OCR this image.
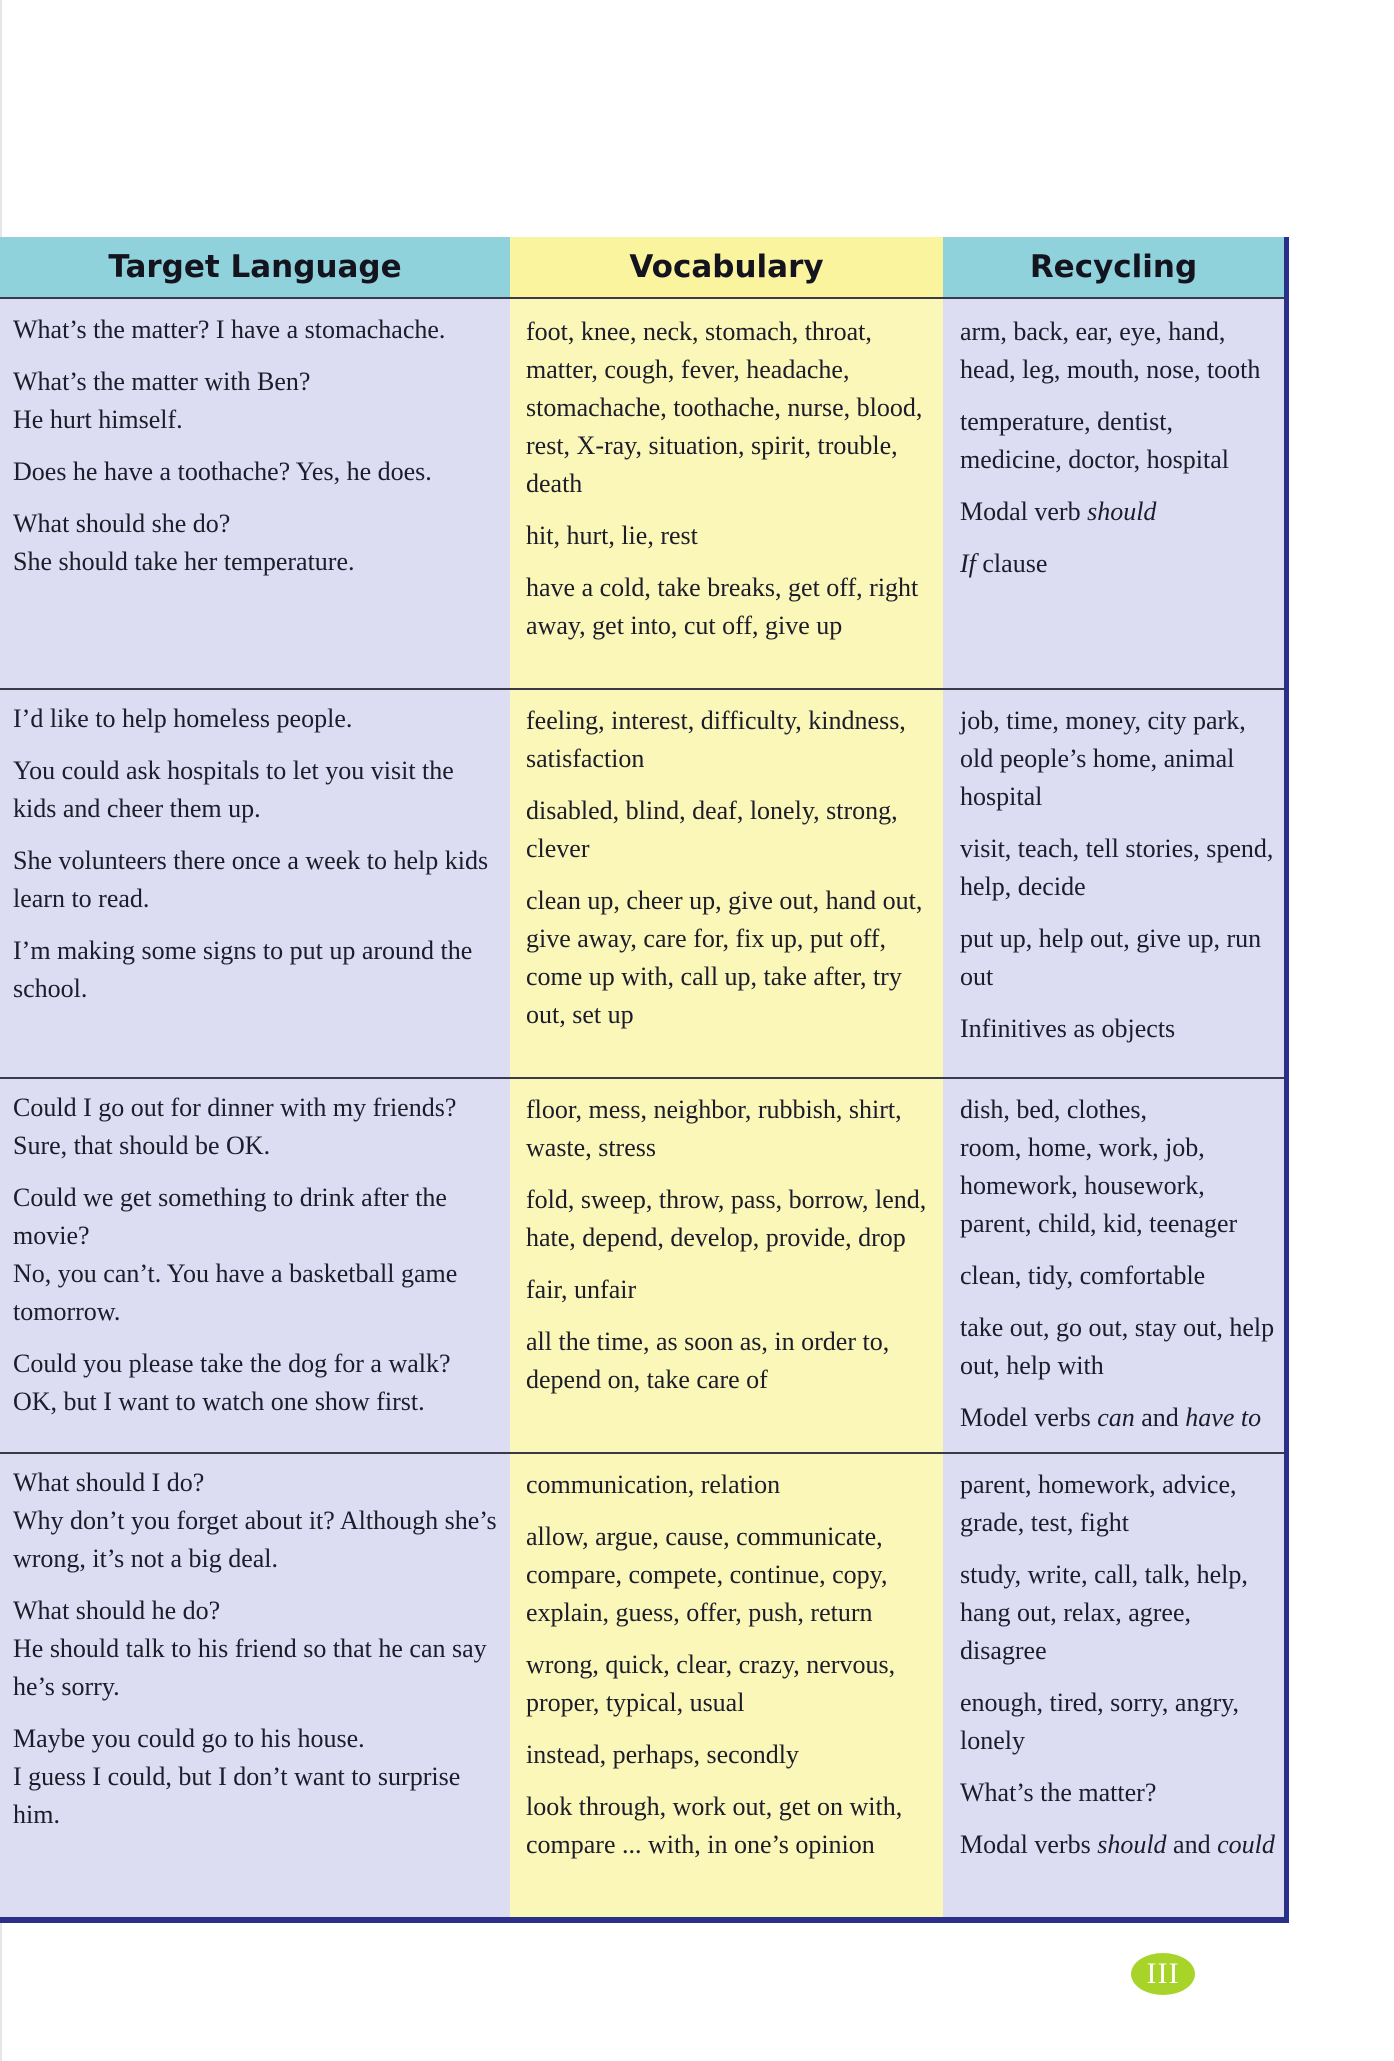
Target Language	Vocabulary	Recycling

What’s the matter? I have a stomachache.

What’s the matter with Ben?
He hurt himself.

Does he have a toothache? Yes, he does.

What should she do?
She should take her temperature.

foot, knee, neck, stomach, throat, matter, cough, fever, headache, stomachache, toothache, nurse, blood, rest, X-ray, situation, spirit, trouble, death

hit, hurt, lie, rest

have a cold, take breaks, get off, right away, get into, cut off, give up

arm, back, ear, eye, hand, head, leg, mouth, nose, tooth

temperature, dentist, medicine, doctor, hospital

Modal verb should

If clause

I’d like to help homeless people.

You could ask hospitals to let you visit the kids and cheer them up.

She volunteers there once a week to help kids learn to read.

I’m making some signs to put up around the school.

feeling, interest, difficulty, kindness, satisfaction

disabled, blind, deaf, lonely, strong, clever

clean up, cheer up, give out, hand out, give away, care for, fix up, put off, come up with, call up, take after, try out, set up

job, time, money, city park, old people’s home, animal hospital

visit, teach, tell stories, spend, help, decide

put up, help out, give up, run out

Infinitives as objects

Could I go out for dinner with my friends?
Sure, that should be OK.

Could we get something to drink after the movie?
No, you can’t. You have a basketball game tomorrow.

Could you please take the dog for a walk?
OK, but I want to watch one show first.

floor, mess, neighbor, rubbish, shirt, waste, stress

fold, sweep, throw, pass, borrow, lend, hate, depend, develop, provide, drop

fair, unfair

all the time, as soon as, in order to, depend on, take care of

dish, bed, clothes,
room, home, work, job, homework, housework, parent, child, kid, teenager

clean, tidy, comfortable

take out, go out, stay out, help out, help with

Model verbs can and have to

What should I do?
Why don’t you forget about it? Although she’s wrong, it’s not a big deal.

What should he do?
He should talk to his friend so that he can say he’s sorry.

Maybe you could go to his house.
I guess I could, but I don’t want to surprise him.

communication, relation

allow, argue, cause, communicate, compare, compete, continue, copy, explain, guess, offer, push, return

wrong, quick, clear, crazy, nervous, proper, typical, usual

instead, perhaps, secondly

look through, work out, get on with, compare ... with, in one’s opinion

parent, homework, advice, grade, test, fight

study, write, call, talk, help, hang out, relax, agree, disagree

enough, tired, sorry, angry, lonely

What’s the matter?

Modal verbs should and could

III
